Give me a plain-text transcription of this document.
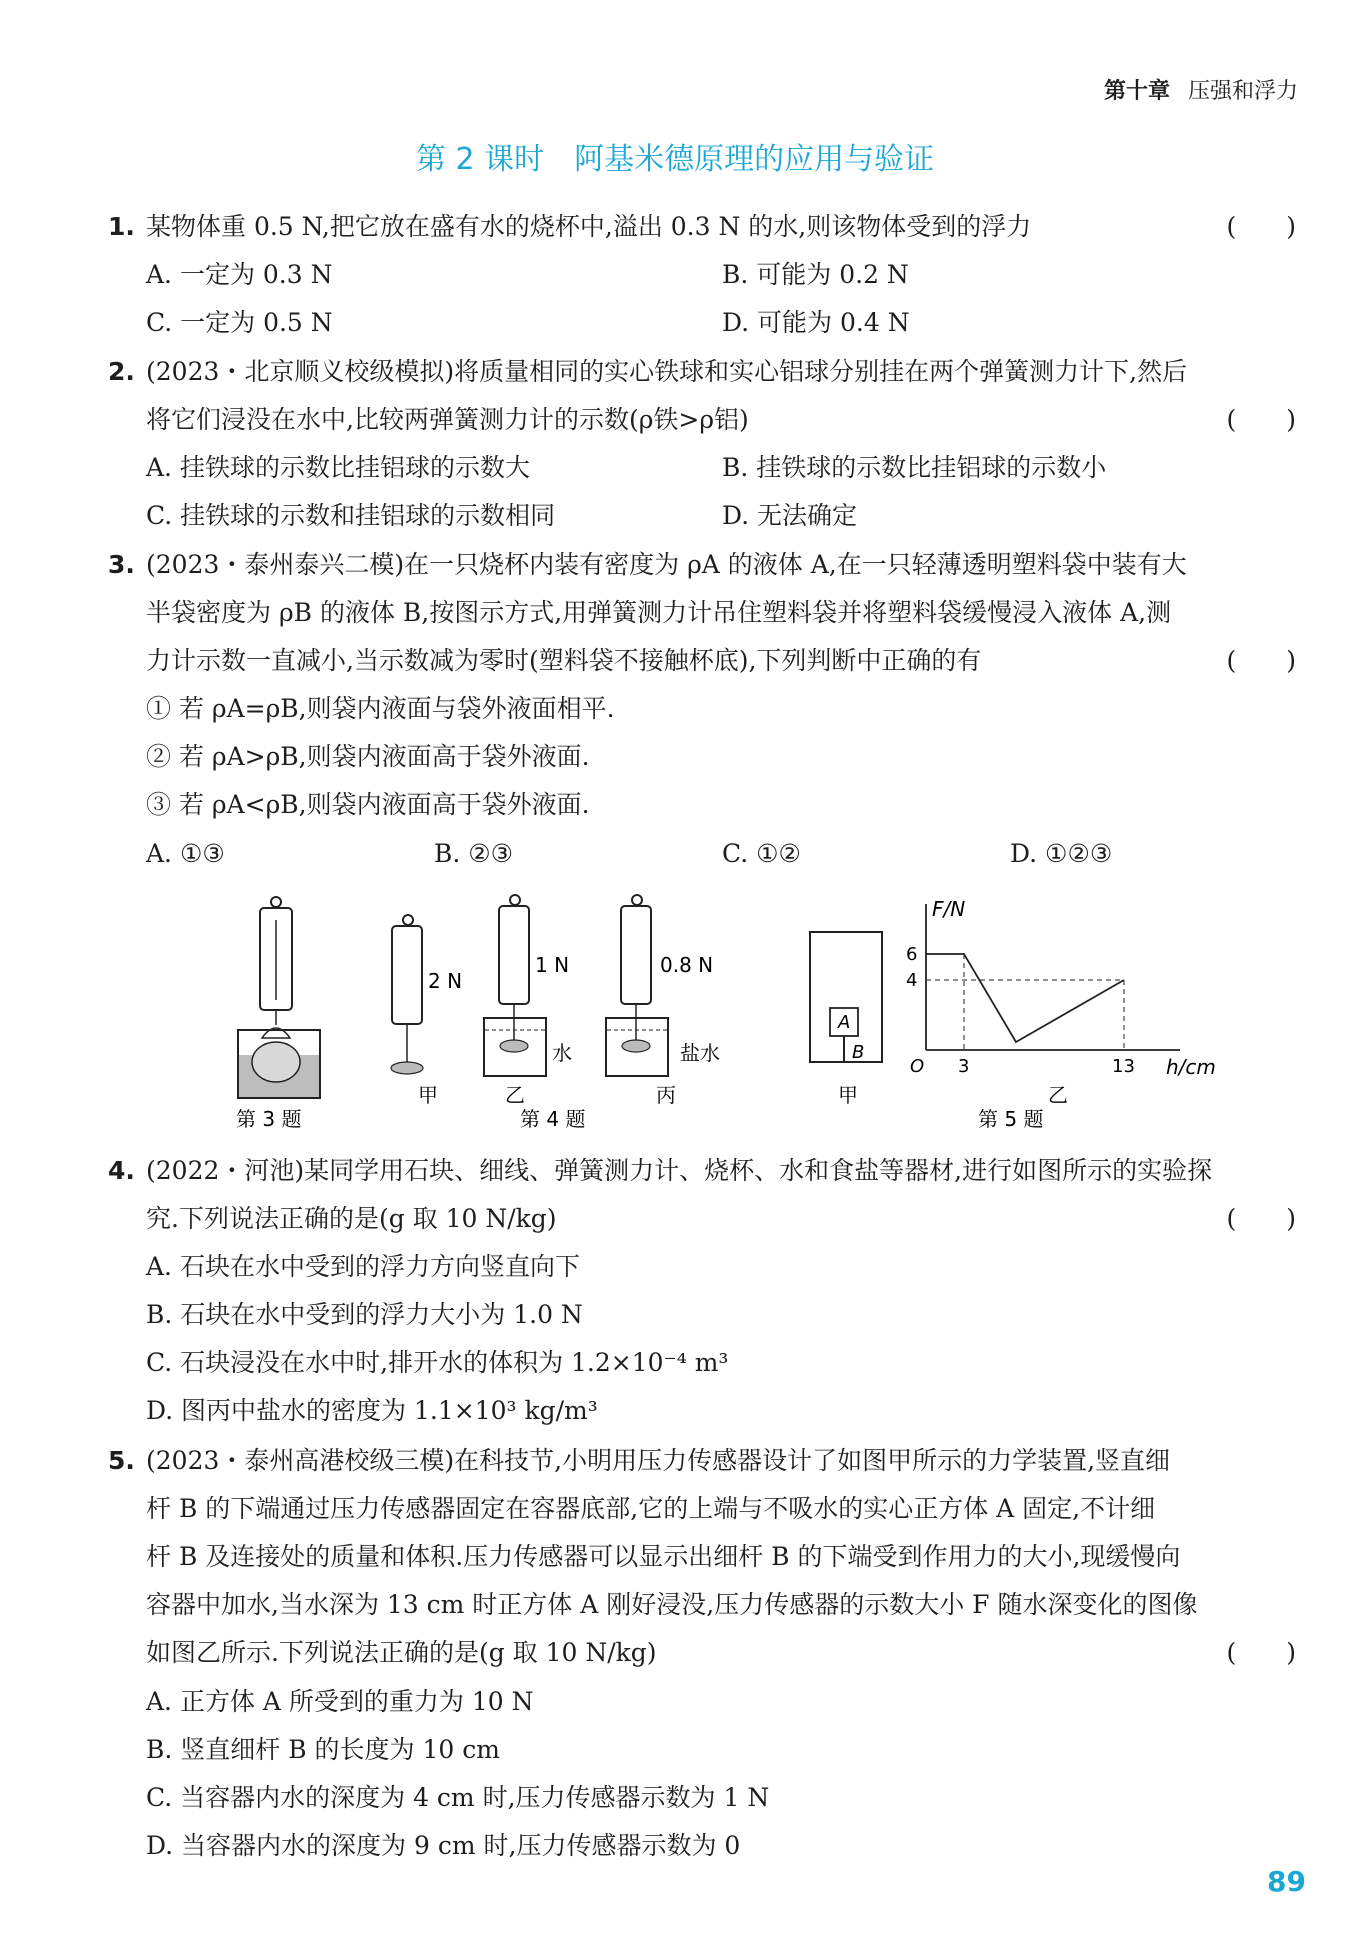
第十章 压强和浮力
第 2 课时　阿基米德原理的应用与验证
1. 某物体重 0.5 N,把它放在盛有水的烧杯中,溢出 0.3 N 的水,则该物体受到的浮力	(　　)
A. 一定为 0.3 N	B. 可能为 0.2 N
C. 一定为 0.5 N	D. 可能为 0.4 N
2. (2023・北京顺义校级模拟)将质量相同的实心铁球和实心铝球分别挂在两个弹簧测力计下,然后
将它们浸没在水中,比较两弹簧测力计的示数(ρ铁>ρ铝)	(　　)
A. 挂铁球的示数比挂铝球的示数大	B. 挂铁球的示数比挂铝球的示数小
C. 挂铁球的示数和挂铝球的示数相同	D. 无法确定
3. (2023・泰州泰兴二模)在一只烧杯内装有密度为 ρA 的液体 A,在一只轻薄透明塑料袋中装有大
半袋密度为 ρB 的液体 B,按图示方式,用弹簧测力计吊住塑料袋并将塑料袋缓慢浸入液体 A,测
力计示数一直减小,当示数减为零时(塑料袋不接触杯底),下列判断中正确的有	(　　)
① 若 ρA=ρB,则袋内液面与袋外液面相平.
② 若 ρA>ρB,则袋内液面高于袋外液面.
③ 若 ρA<ρB,则袋内液面高于袋外液面.
A. ①③	B. ②③	C. ①②	D. ①②③
2 N
1 N
水
0.8 N
盐水
甲	乙	丙
A
B
甲
F/N
h/cm
6
4
O 3	13
乙
第 3 题	第 4 题	第 5 题
4. (2022・河池)某同学用石块、细线、弹簧测力计、烧杯、水和食盐等器材,进行如图所示的实验探
究.下列说法正确的是(g 取 10 N/kg)	(　　)
A. 石块在水中受到的浮力方向竖直向下
B. 石块在水中受到的浮力大小为 1.0 N
C. 石块浸没在水中时,排开水的体积为 1.2×10⁻⁴ m³
D. 图丙中盐水的密度为 1.1×10³ kg/m³
5. (2023・泰州高港校级三模)在科技节,小明用压力传感器设计了如图甲所示的力学装置,竖直细
杆 B 的下端通过压力传感器固定在容器底部,它的上端与不吸水的实心正方体 A 固定,不计细
杆 B 及连接处的质量和体积.压力传感器可以显示出细杆 B 的下端受到作用力的大小,现缓慢向
容器中加水,当水深为 13 cm 时正方体 A 刚好浸没,压力传感器的示数大小 F 随水深变化的图像
如图乙所示.下列说法正确的是(g 取 10 N/kg)	(　　)
A. 正方体 A 所受到的重力为 10 N
B. 竖直细杆 B 的长度为 10 cm
C. 当容器内水的深度为 4 cm 时,压力传感器示数为 1 N
D. 当容器内水的深度为 9 cm 时,压力传感器示数为 0
89
